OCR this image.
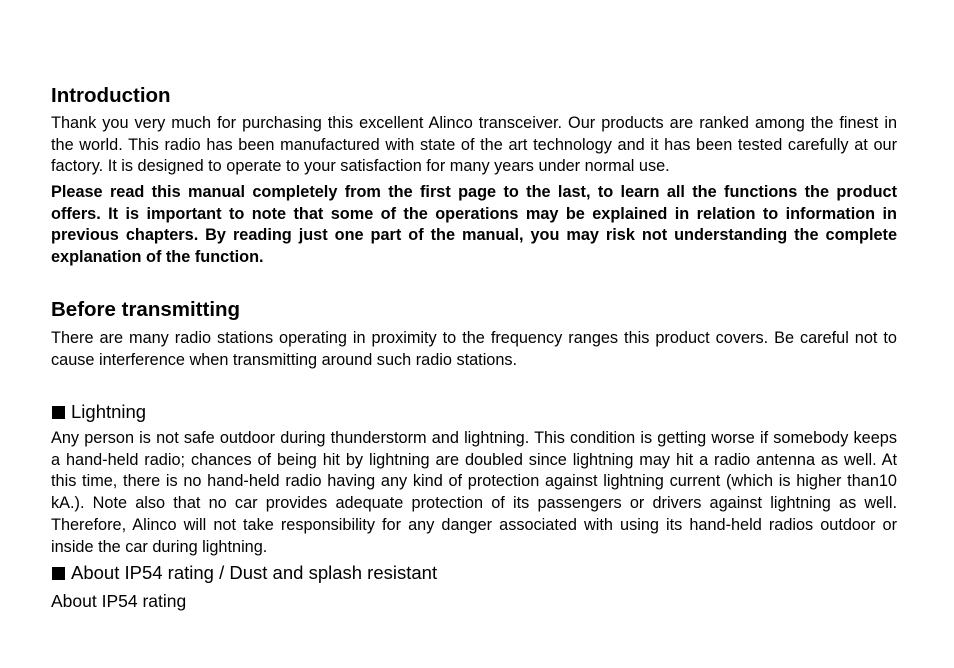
Introduction

Thank you very much for purchasing this excellent Alinco transceiver. Our products are ranked among the finest in the world. This radio has been manufactured with state of the art technology and it has been tested carefully at our factory. It is designed to operate to your satisfaction for many years under normal use.

Please read this manual completely from the first page to the last, to learn all the functions the product offers. It is important to note that some of the operations may be explained in relation to information in previous chapters. By reading just one part of the manual, you may risk not understanding the complete explanation of the function.

Before transmitting

There are many radio stations operating in proximity to the frequency ranges this product covers. Be careful not to cause interference when transmitting around such radio stations.

Lightning

Any person is not safe outdoor during thunderstorm and lightning. This condition is getting worse if somebody keeps a hand-held radio; chances of being hit by lightning are doubled since lightning may hit a radio antenna as well. At this time, there is no hand-held radio having any kind of protection against lightning current (which is higher than10 kA.). Note also that no car provides adequate protection of its passengers or drivers against lightning as well. Therefore, Alinco will not take responsibility for any danger associated with using its hand-held radios outdoor or inside the car during lightning.

About IP54 rating / Dust and splash resistant

About IP54 rating
